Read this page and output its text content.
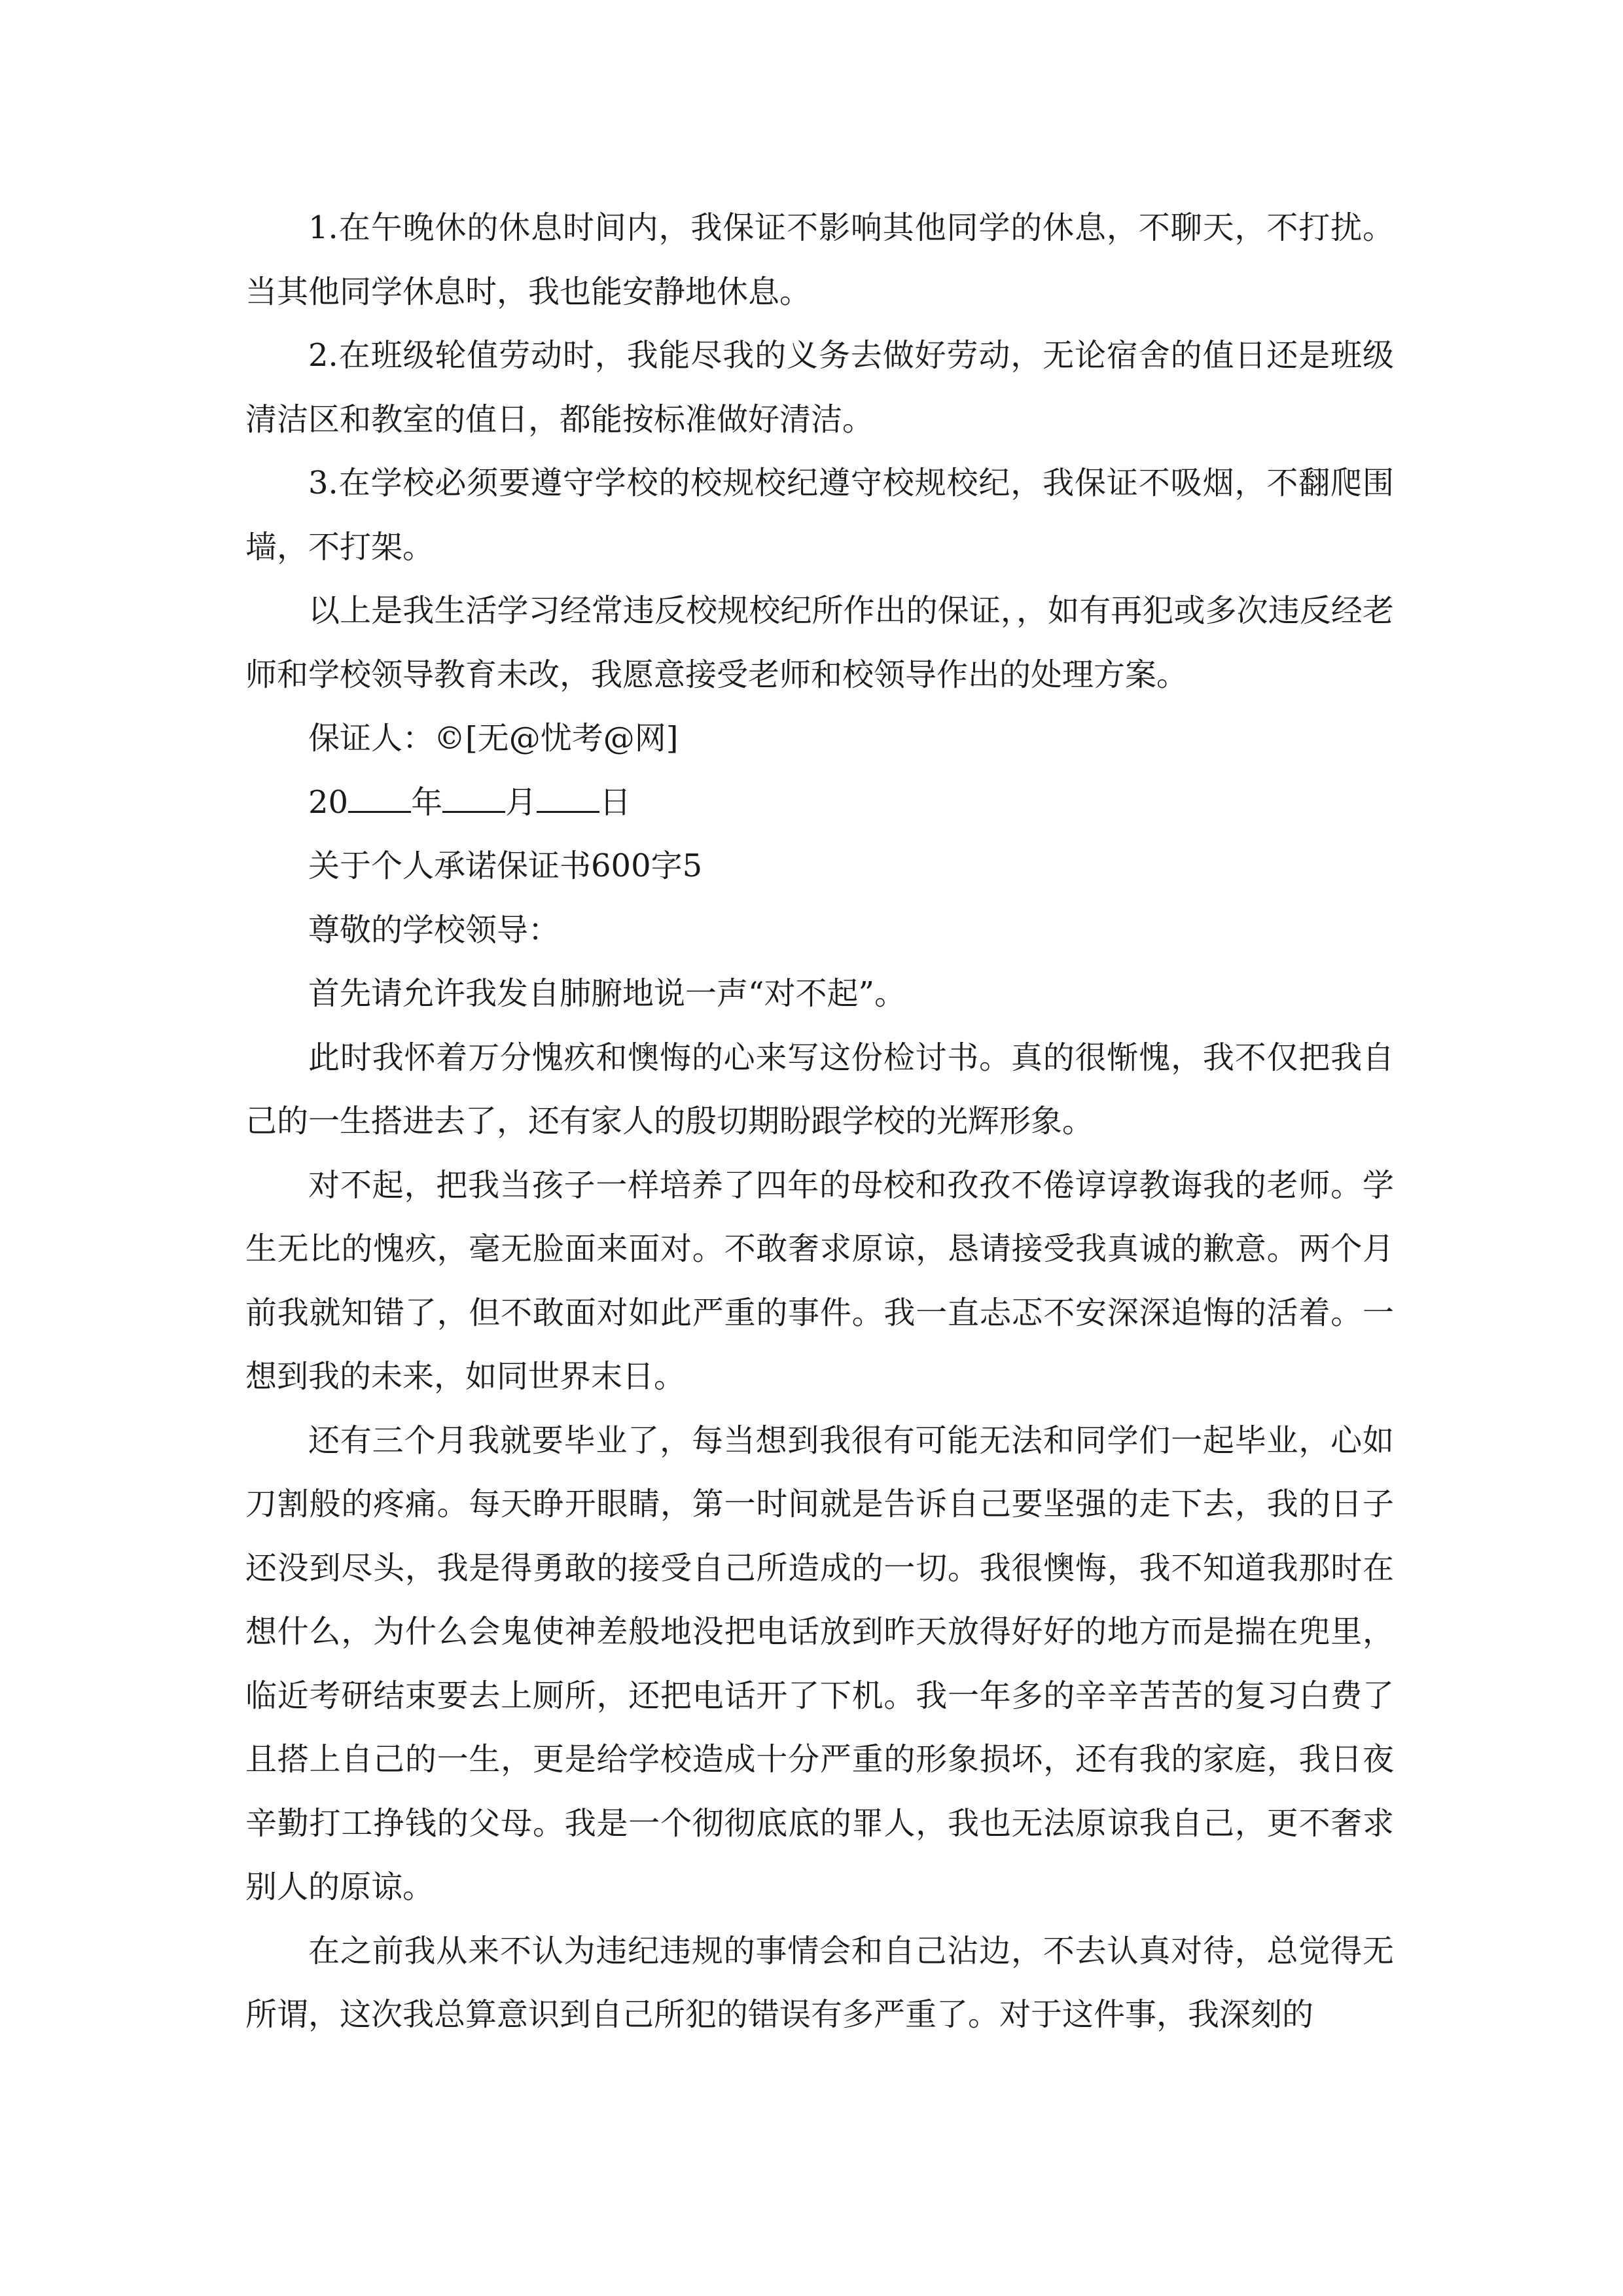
1.在午晚休的休息时间内，我保证不影响其他同学的休息，不聊天，不打扰。当其他同学休息时，我也能安静地休息。

2.在班级轮值劳动时，我能尽我的义务去做好劳动，无论宿舍的值日还是班级清洁区和教室的值日，都能按标准做好清洁。

3.在学校必须要遵守学校的校规校纪遵守校规校纪，我保证不吸烟，不翻爬围墙，不打架。

以上是我生活学习经常违反校规校纪所作出的保证，，如有再犯或多次违反经老师和学校领导教育未改，我愿意接受老师和校领导作出的处理方案。

保证人：©[无@忧考@网]

20 年 月 日

关于个人承诺保证书600字5

尊敬的学校领导：

首先请允许我发自肺腑地说一声“对不起”。

此时我怀着万分愧疚和懊悔的心来写这份检讨书。真的很惭愧，我不仅把我自己的一生搭进去了，还有家人的殷切期盼跟学校的光辉形象。

对不起，把我当孩子一样培养了四年的母校和孜孜不倦谆谆教诲我的老师。学生无比的愧疚，毫无脸面来面对。不敢奢求原谅，恳请接受我真诚的歉意。两个月前我就知错了，但不敢面对如此严重的事件。我一直忐忑不安深深追悔的活着。一想到我的未来，如同世界末日。

还有三个月我就要毕业了，每当想到我很有可能无法和同学们一起毕业，心如刀割般的疼痛。每天睁开眼睛，第一时间就是告诉自己要坚强的走下去，我的日子还没到尽头，我是得勇敢的接受自己所造成的一切。我很懊悔，我不知道我那时在想什么，为什么会鬼使神差般地没把电话放到昨天放得好好的地方而是揣在兜里，临近考研结束要去上厕所，还把电话开了下机。我一年多的辛辛苦苦的复习白费了且搭上自己的一生，更是给学校造成十分严重的形象损坏，还有我的家庭，我日夜辛勤打工挣钱的父母。我是一个彻彻底底的罪人，我也无法原谅我自己，更不奢求别人的原谅。

在之前我从来不认为违纪违规的事情会和自己沾边，不去认真对待，总觉得无所谓，这次我总算意识到自己所犯的错误有多严重了。对于这件事，我深刻的
